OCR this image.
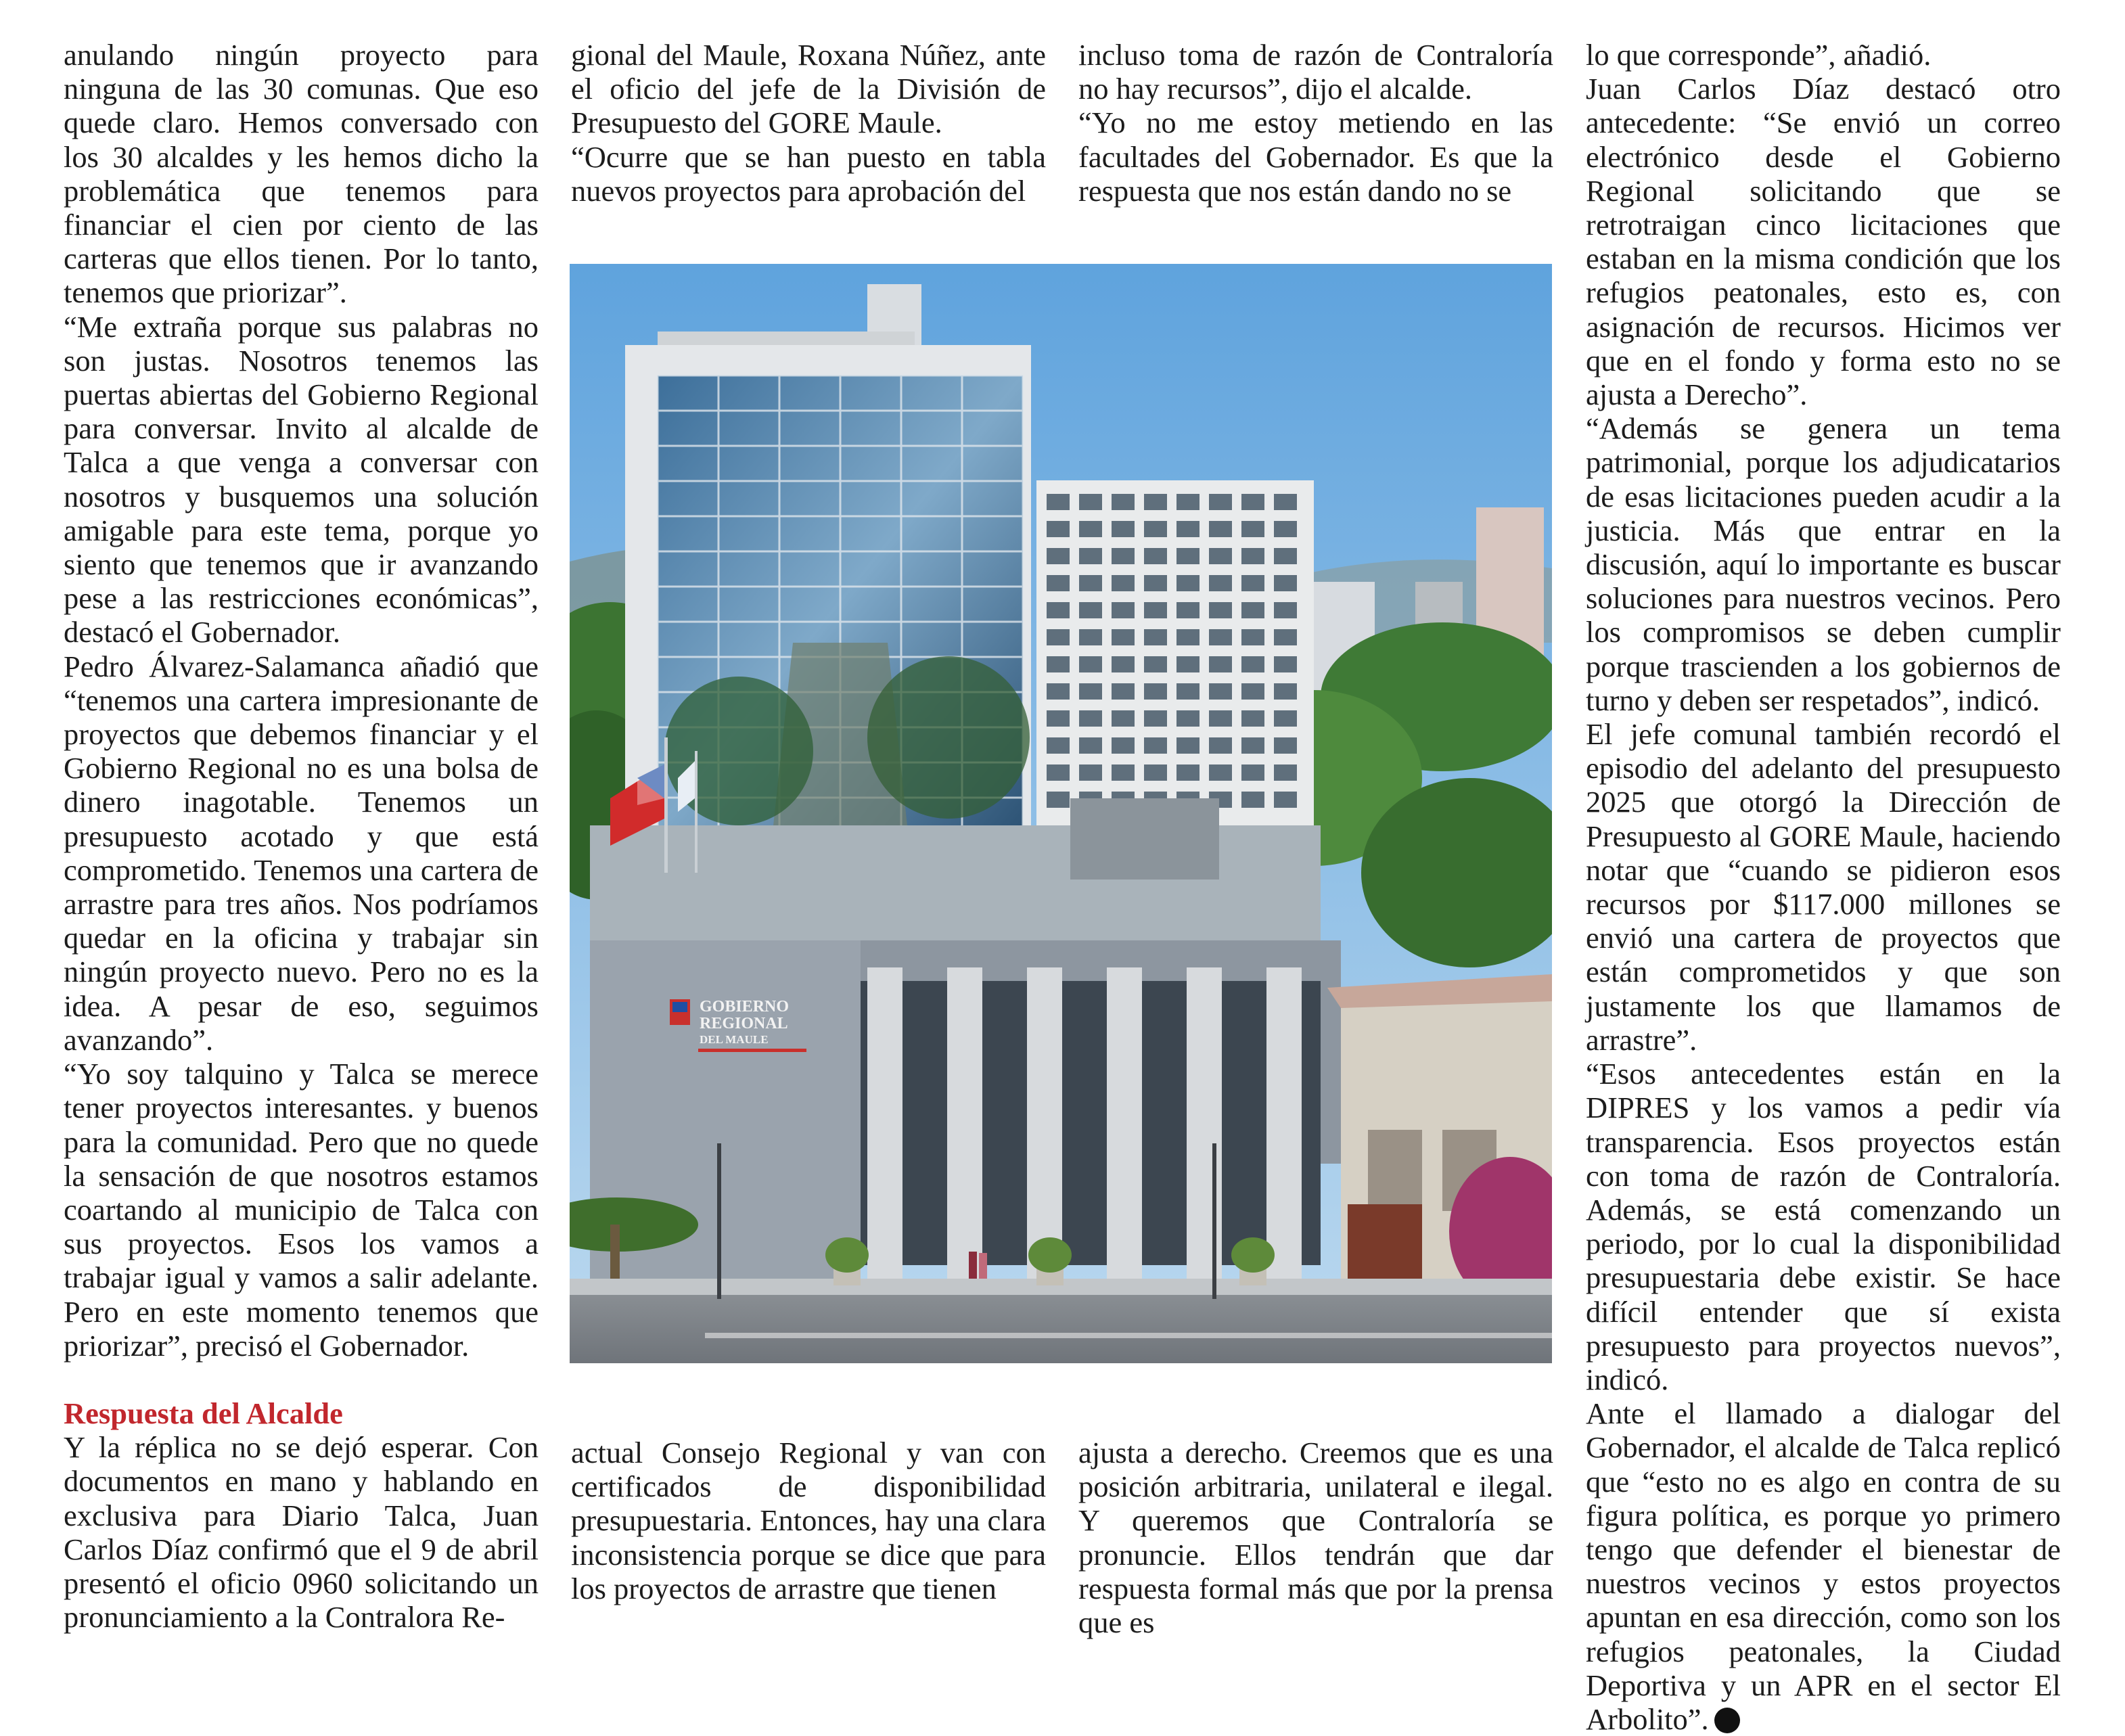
anulando ningún proyecto para ninguna de las 30 comunas. Que eso quede claro. Hemos conversado con los 30 alcaldes y les hemos dicho la problemática que tenemos para financiar el cien por ciento de las carteras que ellos tienen. Por lo tanto, tenemos que priorizar”.

“Me extraña porque sus palabras no son justas. Nosotros tenemos las puertas abiertas del Gobierno Regional para conversar. Invito al alcalde de Talca a que venga a conversar con nosotros y busquemos una solución amigable para este tema, porque yo siento que tenemos que ir avanzando pese a las restricciones económicas”, destacó el Gobernador.

Pedro Álvarez-Salamanca añadió que “tenemos una cartera impresionante de proyectos que debemos financiar y el Gobierno Regional no es una bolsa de dinero inagotable. Tenemos un presupuesto acotado y que está comprometido. Tenemos una cartera de arrastre para tres años. Nos podríamos quedar en la oficina y trabajar sin ningún proyecto nuevo. Pero no es la idea. A pesar de eso, seguimos avanzando”.

“Yo soy talquino y Talca se merece tener proyectos interesantes. y buenos para la comunidad. Pero que no quede la sensación de que nosotros estamos coartando al municipio de Talca con sus proyectos. Esos los vamos a trabajar igual y vamos a salir adelante. Pero en este momento tenemos que priorizar”, precisó el Gobernador.

Respuesta del Alcalde

Y la réplica no se dejó esperar. Con documentos en mano y hablando en exclusiva para Diario Talca, Juan Carlos Díaz confirmó que el 9 de abril presentó el oficio 0960 solicitando un pronunciamiento a la Contralora Re-

gional del Maule, Roxana Núñez, ante el oficio del jefe de la División de Presupuesto del GORE Maule.

“Ocurre que se han puesto en tabla nuevos proyectos para aprobación del

incluso toma de razón de Contraloría no hay recursos”, dijo el alcalde.

“Yo no me estoy metiendo en las facultades del Gobernador. Es que la respuesta que nos están dando no se

lo que corresponde”, añadió.

Juan Carlos Díaz destacó otro antecedente: “Se envió un correo electrónico desde el Gobierno Regional solicitando que se retrotraigan cinco licitaciones que estaban en la misma condición que los refugios peatonales, esto es, con asignación de recursos. Hicimos ver que en el fondo y forma esto no se ajusta a Derecho”.

“Además se genera un tema patrimonial, porque los adjudicatarios de esas licitaciones pueden acudir a la justicia. Más que entrar en la discusión, aquí lo importante es buscar soluciones para nuestros vecinos. Pero los compromisos se deben cumplir porque trascienden a los gobiernos de turno y deben ser respetados”, indicó.

El jefe comunal también recordó el episodio del adelanto del presupuesto 2025 que otorgó la Dirección de Presupuesto al GORE Maule, haciendo notar que “cuando se pidieron esos recursos por $117.000 millones se envió una cartera de proyectos que están comprometidos y que son justamente los que llamamos de arrastre”.

“Esos antecedentes están en la DIPRES y los vamos a pedir vía transparencia. Esos proyectos están con toma de razón de Contraloría. Además, se está comenzando un periodo, por lo cual la disponibilidad presupuestaria debe existir. Se hace difícil entender que sí exista presupuesto para proyectos nuevos”, indicó.

Ante el llamado a dialogar del Gobernador, el alcalde de Talca replicó que “esto no es algo en contra de su figura política, es porque yo primero tengo que defender el bienestar de nuestros vecinos y estos proyectos apuntan en esa dirección, como son los refugios peatonales, la Ciudad Deportiva y un APR en el sector El Arbolito”.

actual Consejo Regional y van con certificados de disponibilidad presupuestaria. Entonces, hay una clara inconsistencia porque se dice que para los proyectos de arrastre que tienen

ajusta a derecho. Creemos que es una posición arbitraria, unilateral e ilegal. Y queremos que Contraloría se pronuncie. Ellos tendrán que dar respuesta formal más que por la prensa que es

GOBIERNO
REGIONAL
DEL MAULE
